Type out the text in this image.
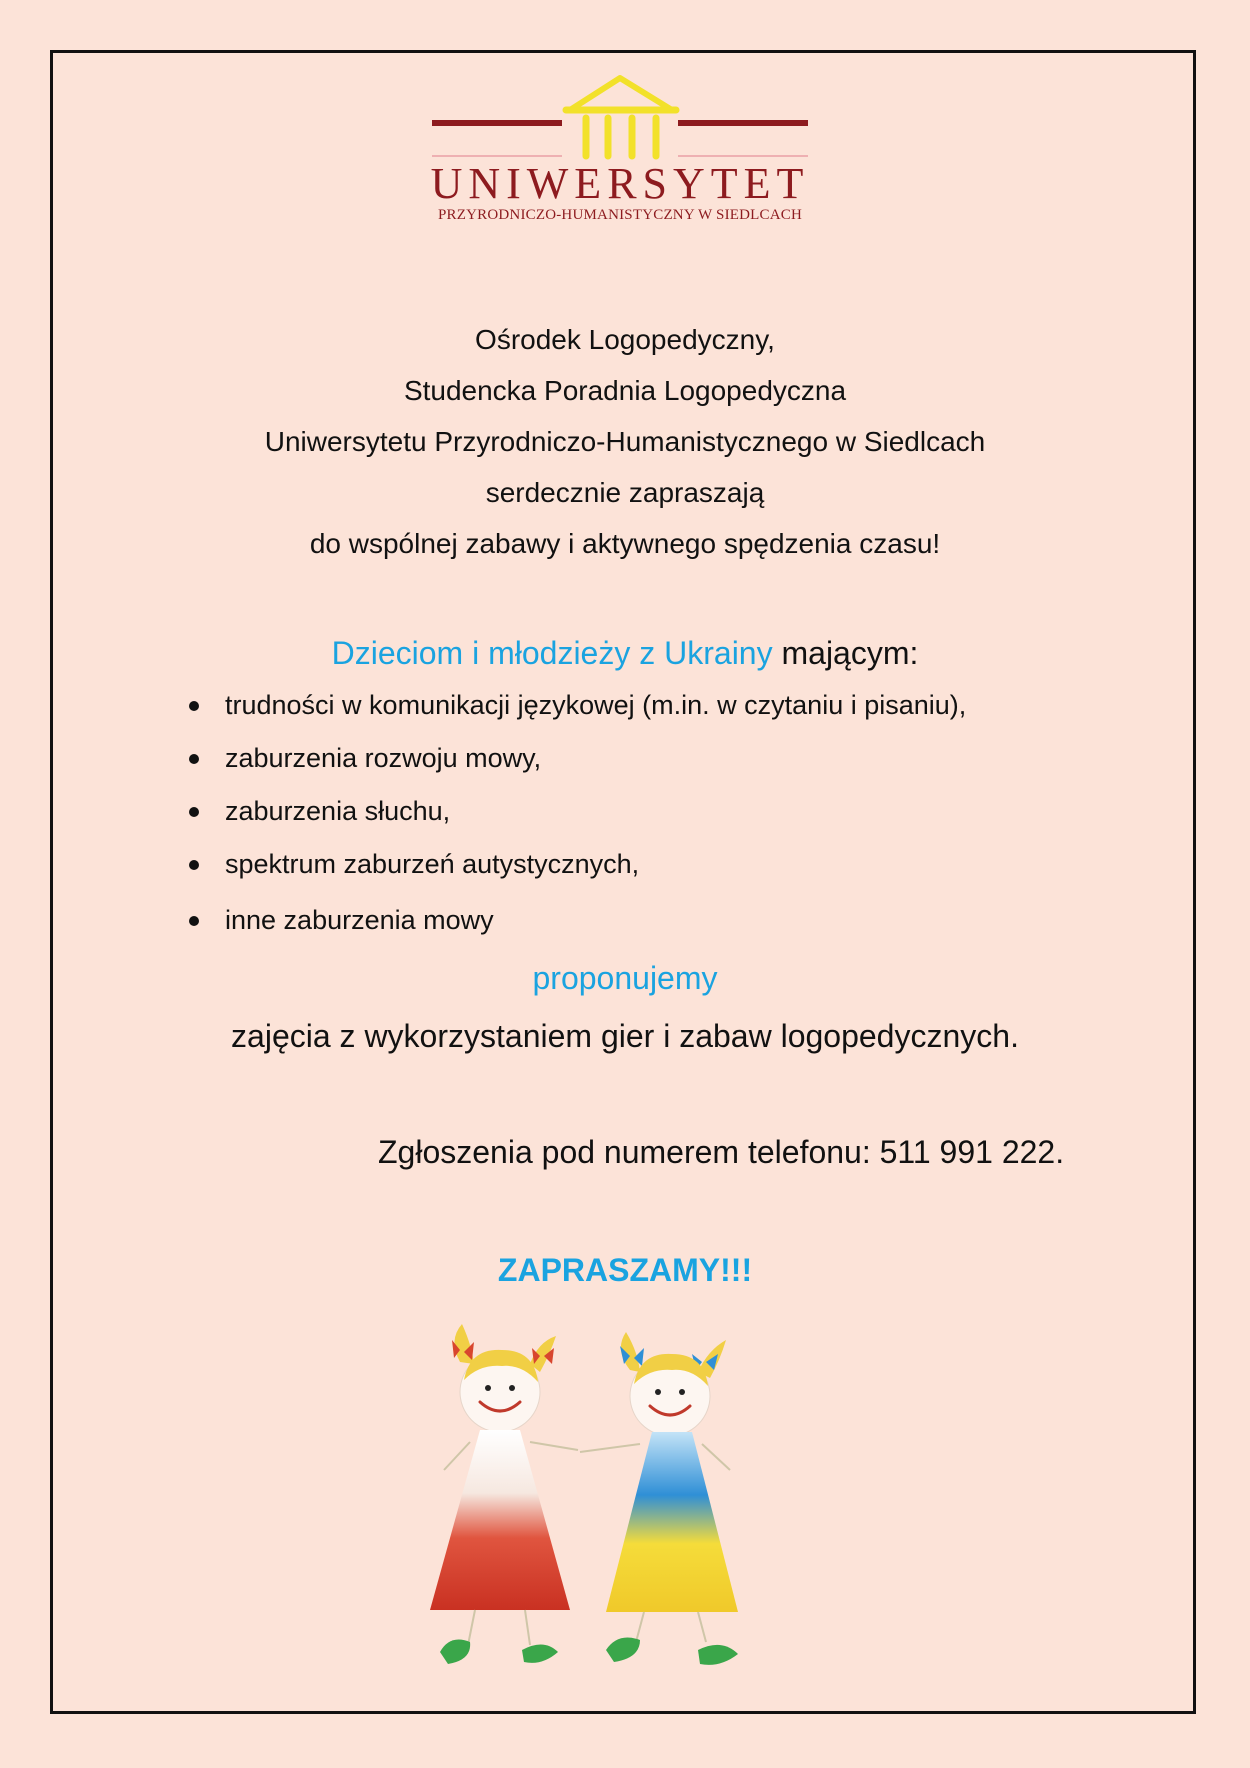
UNIWERSYTET
PRZYRODNICZO-HUMANISTYCZNY W SIEDLCACH
Ośrodek Logopedyczny,
Studencka Poradnia Logopedyczna
Uniwersytetu Przyrodniczo-Humanistycznego w Siedlcach
serdecznie zapraszają
do wspólnej zabawy i aktywnego spędzenia czasu!
Dzieciom i młodzieży z Ukrainy mającym:
trudności w komunikacji językowej (m.in. w czytaniu i pisaniu),
zaburzenia rozwoju mowy,
zaburzenia słuchu,
spektrum zaburzeń autystycznych,
inne zaburzenia mowy
proponujemy
zajęcia z wykorzystaniem gier i zabaw logopedycznych.
Zgłoszenia pod numerem telefonu: 511 991 222.
ZAPRASZAMY!!!
